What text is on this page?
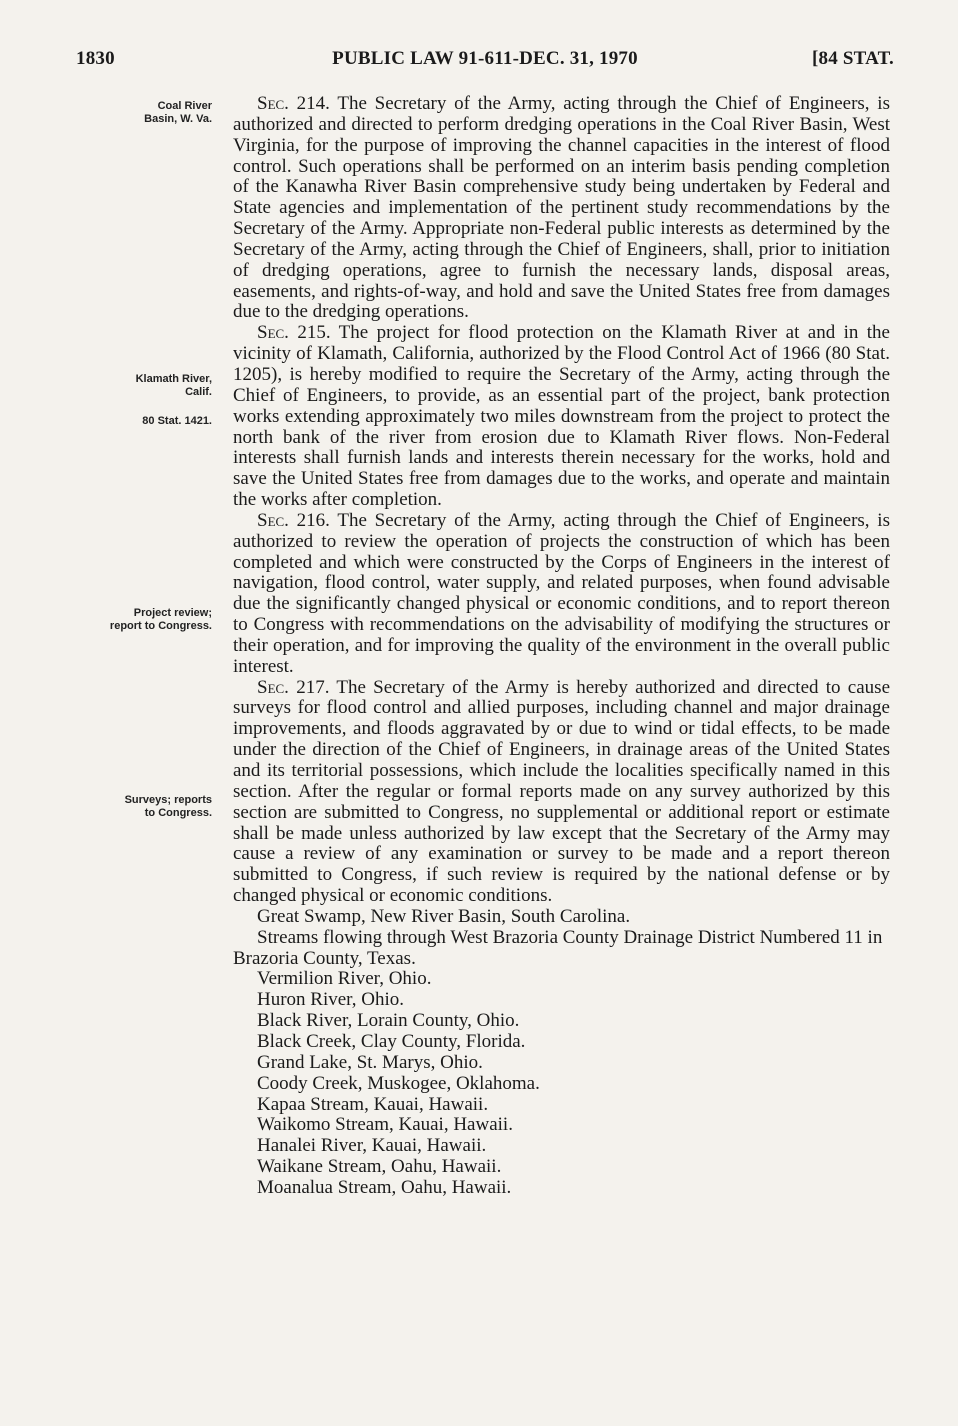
1830	PUBLIC LAW 91-611-DEC. 31, 1970	[84 STAT.
Coal River
Basin, W. Va.
Klamath River,
Calif.
80 Stat. 1421.
Project review;
report to Congress.
Surveys; reports
to Congress.

Sec. 214. The Secretary of the Army, acting through the Chief of Engineers, is authorized and directed to perform dredging operations in the Coal River Basin, West Virginia, for the purpose of improving the channel capacities in the interest of flood control. Such operations shall be performed on an interim basis pending completion of the Kanawha River Basin comprehensive study being undertaken by Federal and State agencies and implementation of the pertinent study recommendations by the Secretary of the Army. Appropriate non-Federal public interests as determined by the Secretary of the Army, acting through the Chief of Engineers, shall, prior to initiation of dredging operations, agree to furnish the necessary lands, disposal areas, easements, and rights-of-way, and hold and save the United States free from damages due to the dredging operations.

Sec. 215. The project for flood protection on the Klamath River at and in the vicinity of Klamath, California, authorized by the Flood Control Act of 1966 (80 Stat. 1205), is hereby modified to require the Secretary of the Army, acting through the Chief of Engineers, to provide, as an essential part of the project, bank protection works extending approximately two miles downstream from the project to protect the north bank of the river from erosion due to Klamath River flows. Non-Federal interests shall furnish lands and interests therein necessary for the works, hold and save the United States free from damages due to the works, and operate and maintain the works after completion.

Sec. 216. The Secretary of the Army, acting through the Chief of Engineers, is authorized to review the operation of projects the construction of which has been completed and which were constructed by the Corps of Engineers in the interest of navigation, flood control, water supply, and related purposes, when found advisable due the significantly changed physical or economic conditions, and to report thereon to Congress with recommendations on the advisability of modifying the structures or their operation, and for improving the quality of the environment in the overall public interest.

Sec. 217. The Secretary of the Army is hereby authorized and directed to cause surveys for flood control and allied purposes, including channel and major drainage improvements, and floods aggravated by or due to wind or tidal effects, to be made under the direction of the Chief of Engineers, in drainage areas of the United States and its territorial possessions, which include the localities specifically named in this section. After the regular or formal reports made on any survey authorized by this section are submitted to Congress, no supplemental or additional report or estimate shall be made unless authorized by law except that the Secretary of the Army may cause a review of any examination or survey to be made and a report thereon submitted to Congress, if such review is required by the national defense or by changed physical or economic conditions.

Great Swamp, New River Basin, South Carolina.
Streams flowing through West Brazoria County Drainage District Numbered 11 in Brazoria County, Texas.
Vermilion River, Ohio.
Huron River, Ohio.
Black River, Lorain County, Ohio.
Black Creek, Clay County, Florida.
Grand Lake, St. Marys, Ohio.
Coody Creek, Muskogee, Oklahoma.
Kapaa Stream, Kauai, Hawaii.
Waikomo Stream, Kauai, Hawaii.
Hanalei River, Kauai, Hawaii.
Waikane Stream, Oahu, Hawaii.
Moanalua Stream, Oahu, Hawaii.
